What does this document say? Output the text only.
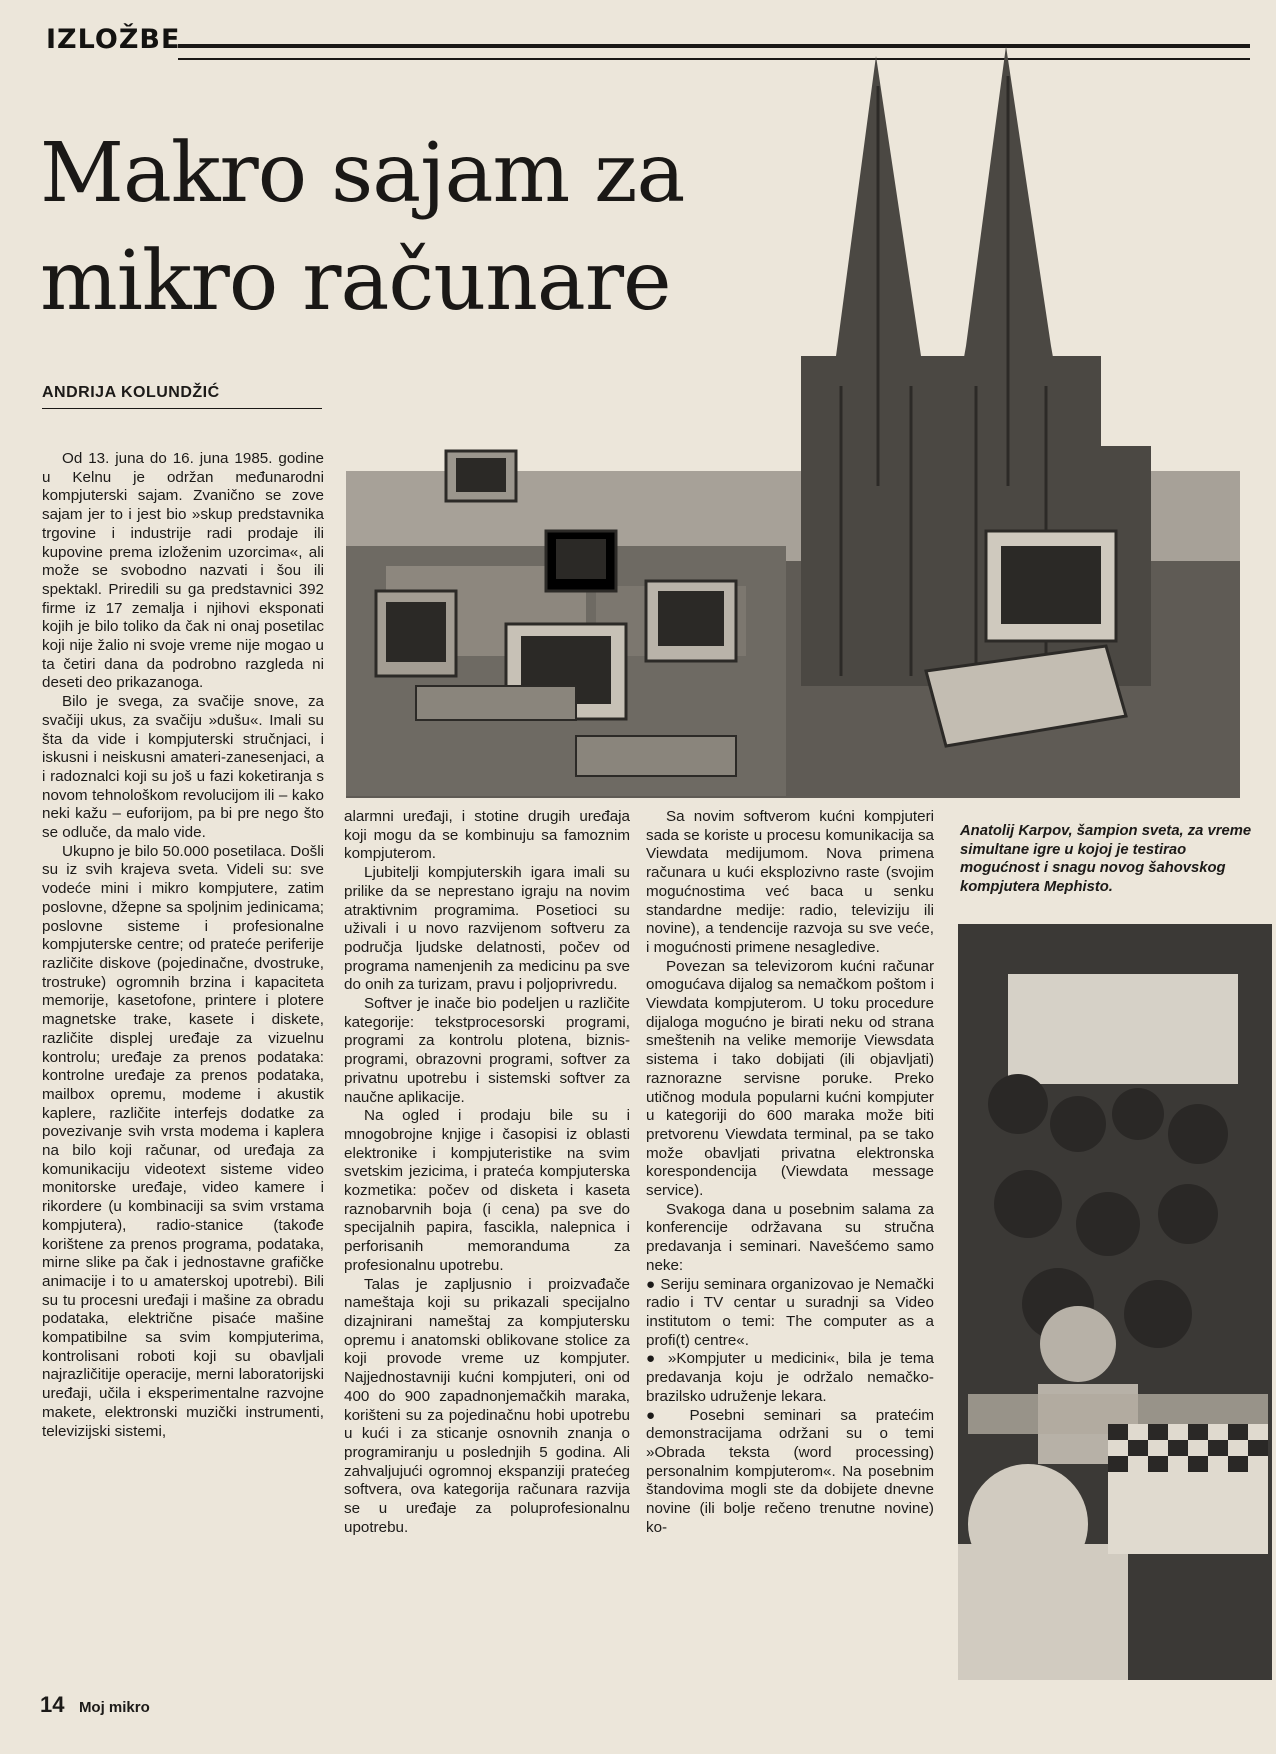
IZLOŽBE
Makro sajam za
mikro računare
ANDRIJA KOLUNDŽIĆ

Od 13. juna do 16. juna 1985. godine u Kelnu je održan međunarodni kompjuterski sajam. Zvanično se zove sajam jer to i jest bio »skup predstavnika trgovine i industrije radi prodaje ili kupovine prema izloženim uzorcima«, ali može se svobodno nazvati i šou ili spektakl. Priredili su ga predstavnici 392 firme iz 17 zemalja i njihovi eksponati kojih je bilo toliko da čak ni onaj posetilac koji nije žalio ni svoje vreme nije mogao u ta četiri dana da podrobno razgleda ni deseti deo prikazanoga.

Bilo je svega, za svačije snove, za svačiji ukus, za svačiju »dušu«. Imali su šta da vide i kompjuterski stručnjaci, i iskusni i neiskusni amateri-zanesenjaci, a i radoznalci koji su još u fazi koketiranja s novom tehnološkom revolucijom ili – kako neki kažu – euforijom, pa bi pre nego što se odluče, da malo vide.

Ukupno je bilo 50.000 posetilaca. Došli su iz svih krajeva sveta. Videli su: sve vodeće mini i mikro kompjutere, zatim poslovne, džepne sa spoljnim jedinicama; poslovne sisteme i profesionalne kompjuterske centre; od prateće periferije različite diskove (pojedinačne, dvostruke, trostruke) ogromnih brzina i kapaciteta memorije, kasetofone, printere i plotere magnetske trake, kasete i diskete, različite displej uređaje za vizuelnu kontrolu; uređaje za prenos podataka: kontrolne uređaje za prenos podataka, mailbox opremu, modeme i akustik kaplere, različite interfejs dodatke za povezivanje svih vrsta modema i kaplera na bilo koji računar, od uređaja za komunikaciju videotext sisteme video monitorske uređaje, video kamere i rikordere (u kombinaciji sa svim vrstama kompjutera), radio-stanice (takođe korištene za prenos programa, podataka, mirne slike pa čak i jednostavne grafičke animacije i to u amaterskoj upotrebi). Bili su tu procesni uređaji i mašine za obradu podataka, električne pisaće mašine kompatibilne sa svim kompjuterima, kontrolisani roboti koji su obavljali najrazličitije operacije, merni laboratorijski uređaji, učila i eksperimentalne razvojne makete, elektronski muzički instrumenti, televizijski sistemi,

alarmni uređaji, i stotine drugih uređaja koji mogu da se kombinuju sa famoznim kompjuterom.

Ljubitelji kompjuterskih igara imali su prilike da se neprestano igraju na novim atraktivnim programima. Posetioci su uživali i u novo razvijenom softveru za područja ljudske delatnosti, počev od programa namenjenih za medicinu pa sve do onih za turizam, pravu i poljoprivredu.

Softver je inače bio podeljen u različite kategorije: tekstprocesorski programi, programi za kontrolu plotena, biznis-programi, obrazovni programi, softver za privatnu upotrebu i sistemski softver za naučne aplikacije.

Na ogled i prodaju bile su i mnogobrojne knjige i časopisi iz oblasti elektronike i kompjuteristike na svim svetskim jezicima, i prateća kompjuterska kozmetika: počev od disketa i kaseta raznobarvnih boja (i cena) pa sve do specijalnih papira, fascikla, nalepnica i perforisanih memoranduma za profesionalnu upotrebu.

Talas je zapljusnio i proizvađače nameštaja koji su prikazali specijalno dizajnirani nameštaj za kompjutersku opremu i anatomski oblikovane stolice za koji provode vreme uz kompjuter. Najjednostavniji kućni kompjuteri, oni od 400 do 900 zapadnonjemačkih maraka, korišteni su za pojedinačnu hobi upotrebu u kući i za sticanje osnovnih znanja o programiranju u poslednjih 5 godina. Ali zahvaljujući ogromnoj ekspanziji pratećeg softvera, ova kategorija računara razvija se u uređaje za poluprofesionalnu upotrebu.

Sa novim softverom kućni kompjuteri sada se koriste u procesu komunikacija sa Viewdata medijumom. Nova primena računara u kući eksplozivno raste (svojim mogućnostima već baca u senku standardne medije: radio, televiziju ili novine), a tendencije razvoja su sve veće, i mogućnosti primene nesagledive.

Povezan sa televizorom kućni računar omogućava dijalog sa nemačkom poštom i Viewdata kompjuterom. U toku procedure dijaloga mogućno je birati neku od strana smeštenih na velike memorije Viewsdata sistema i tako dobijati (ili objavljati) raznorazne servisne poruke. Preko utičnog modula popularni kućni kompjuter u kategoriji do 600 maraka može biti pretvorenu Viewdata terminal, pa se tako može obavljati privatna elektronska korespondencija (Viewdata message service).

Svakoga dana u posebnim salama za konferencije održavana su stručna predavanja i seminari. Navešćemo samo neke:

● Seriju seminara organizovao je Nemački radio i TV centar u suradnji sa Video institutom o temi: The computer as a profi(t) centre«.

● »Kompjuter u medicini«, bila je tema predavanja koju je održalo nemačko-brazilsko udruženje lekara.

● Posebni seminari sa pratećim demonstracijama održani su o temi »Obrada teksta (word processing) personalnim kompjuterom«. Na posebnim štandovima mogli ste da dobijete dnevne novine (ili bolje rečeno trenutne novine) ko-

Anatolij Karpov, šampion sveta, za vreme simultane igre u kojoj je testirao mogućnost i snagu novog šahovskog kompjutera Mephisto.
14 Moj mikro
